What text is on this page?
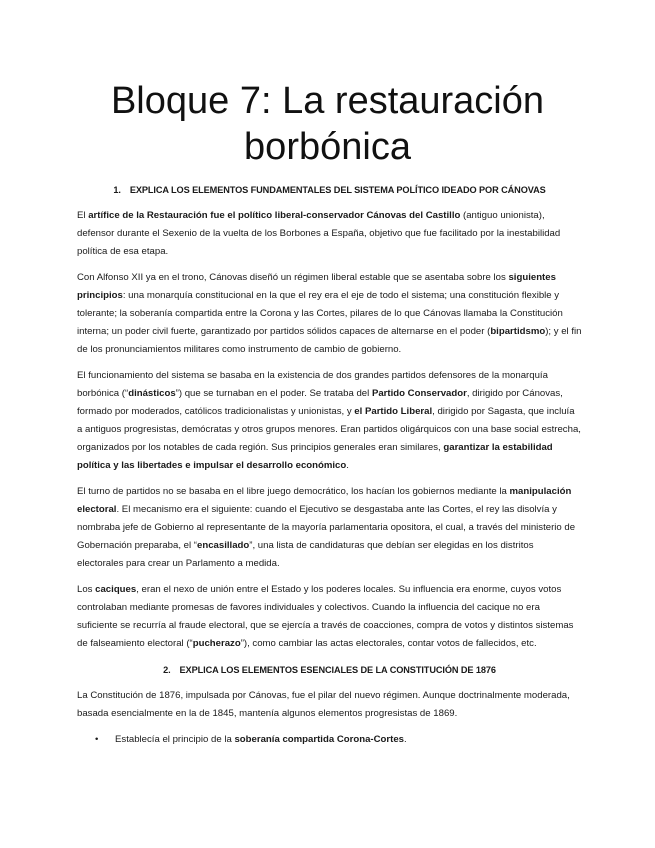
Bloque 7: La restauración
borbónica
1. EXPLICA LOS ELEMENTOS FUNDAMENTALES DEL SISTEMA POLÍTICO IDEADO POR CÁNOVAS

El artífice de la Restauración fue el político liberal-conservador Cánovas del Castillo (antiguo unionista), defensor durante el Sexenio de la vuelta de los Borbones a España, objetivo que fue facilitado por la inestabilidad política de esa etapa.

Con Alfonso XII ya en el trono, Cánovas diseñó un régimen liberal estable que se asentaba sobre los siguientes principios: una monarquía constitucional en la que el rey era el eje de todo el sistema; una constitución flexible y tolerante; la soberanía compartida entre la Corona y las Cortes, pilares de lo que Cánovas llamaba la Constitución interna; un poder civil fuerte, garantizado por partidos sólidos capaces de alternarse en el poder (bipartidsmo); y el fin de los pronunciamientos militares como instrumento de cambio de gobierno.

El funcionamiento del sistema se basaba en la existencia de dos grandes partidos defensores de la monarquía borbónica (“dinásticos”) que se turnaban en el poder. Se trataba del Partido Conservador, dirigido por Cánovas, formado por moderados, católicos tradicionalistas y unionistas, y el Partido Liberal, dirigido por Sagasta, que incluía a antiguos progresistas, demócratas y otros grupos menores. Eran partidos oligárquicos con una base social estrecha, organizados por los notables de cada región. Sus principios generales eran similares, garantizar la estabilidad política y las libertades e impulsar el desarrollo económico.

El turno de partidos no se basaba en el libre juego democrático, los hacían los gobiernos mediante la manipulación electoral. El mecanismo era el siguiente: cuando el Ejecutivo se desgastaba ante las Cortes, el rey las disolvía y nombraba jefe de Gobierno al representante de la mayoría parlamentaria opositora, el cual, a través del ministerio de Gobernación preparaba, el “encasillado”, una lista de candidaturas que debían ser elegidas en los distritos electorales para crear un Parlamento a medida.

Los caciques, eran el nexo de unión entre el Estado y los poderes locales. Su influencia era enorme, cuyos votos controlaban mediante promesas de favores individuales y colectivos. Cuando la influencia del cacique no era suficiente se recurría al fraude electoral, que se ejercía a través de coacciones, compra de votos y distintos sistemas de falseamiento electoral (“pucherazo”), como cambiar las actas electorales, contar votos de fallecidos, etc.

2. EXPLICA LOS ELEMENTOS ESENCIALES DE LA CONSTITUCIÓN DE 1876

La Constitución de 1876, impulsada por Cánovas, fue el pilar del nuevo régimen. Aunque doctrinalmente moderada, basada esencialmente en la de 1845, mantenía algunos elementos progresistas de 1869.

• Establecía el principio de la soberanía compartida Corona-Cortes.
